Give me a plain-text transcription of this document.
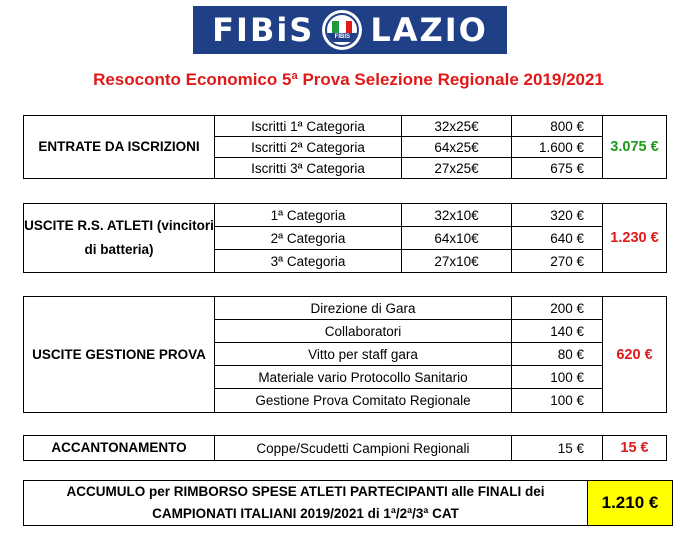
FIBiS	FIBIS LAZIO
Resoconto Economico 5ª Prova Selezione Regionale 2019/2021
ENTRATE DA ISCRIZIONI	Iscritti 1ª Categoria	32x25€	800 €	3.075 €
	Iscritti 2ª Categoria	64x25€	1.600 €	
	Iscritti 3ª Categoria	27x25€	675 €	
USCITE R.S. ATLETI (vincitori di batteria)	1ª Categoria	32x10€	320 €	1.230 €
	2ª Categoria	64x10€	640 €	
	3ª Categoria	27x10€	270 €	
USCITE GESTIONE PROVA	Direzione di Gara	200 €	620 €
	Collaboratori	140 €	
	Vitto per staff gara	80 €	
	Materiale vario Protocollo Sanitario	100 €	
	Gestione Prova Comitato Regionale	100 €	
ACCANTONAMENTO	Coppe/Scudetti Campioni Regionali	15 €	15 €
ACCUMULO per RIMBORSO SPESE ATLETI PARTECIPANTI alle FINALI dei CAMPIONATI ITALIANI 2019/2021 di 1ª/2ª/3ª CAT	1.210 €
